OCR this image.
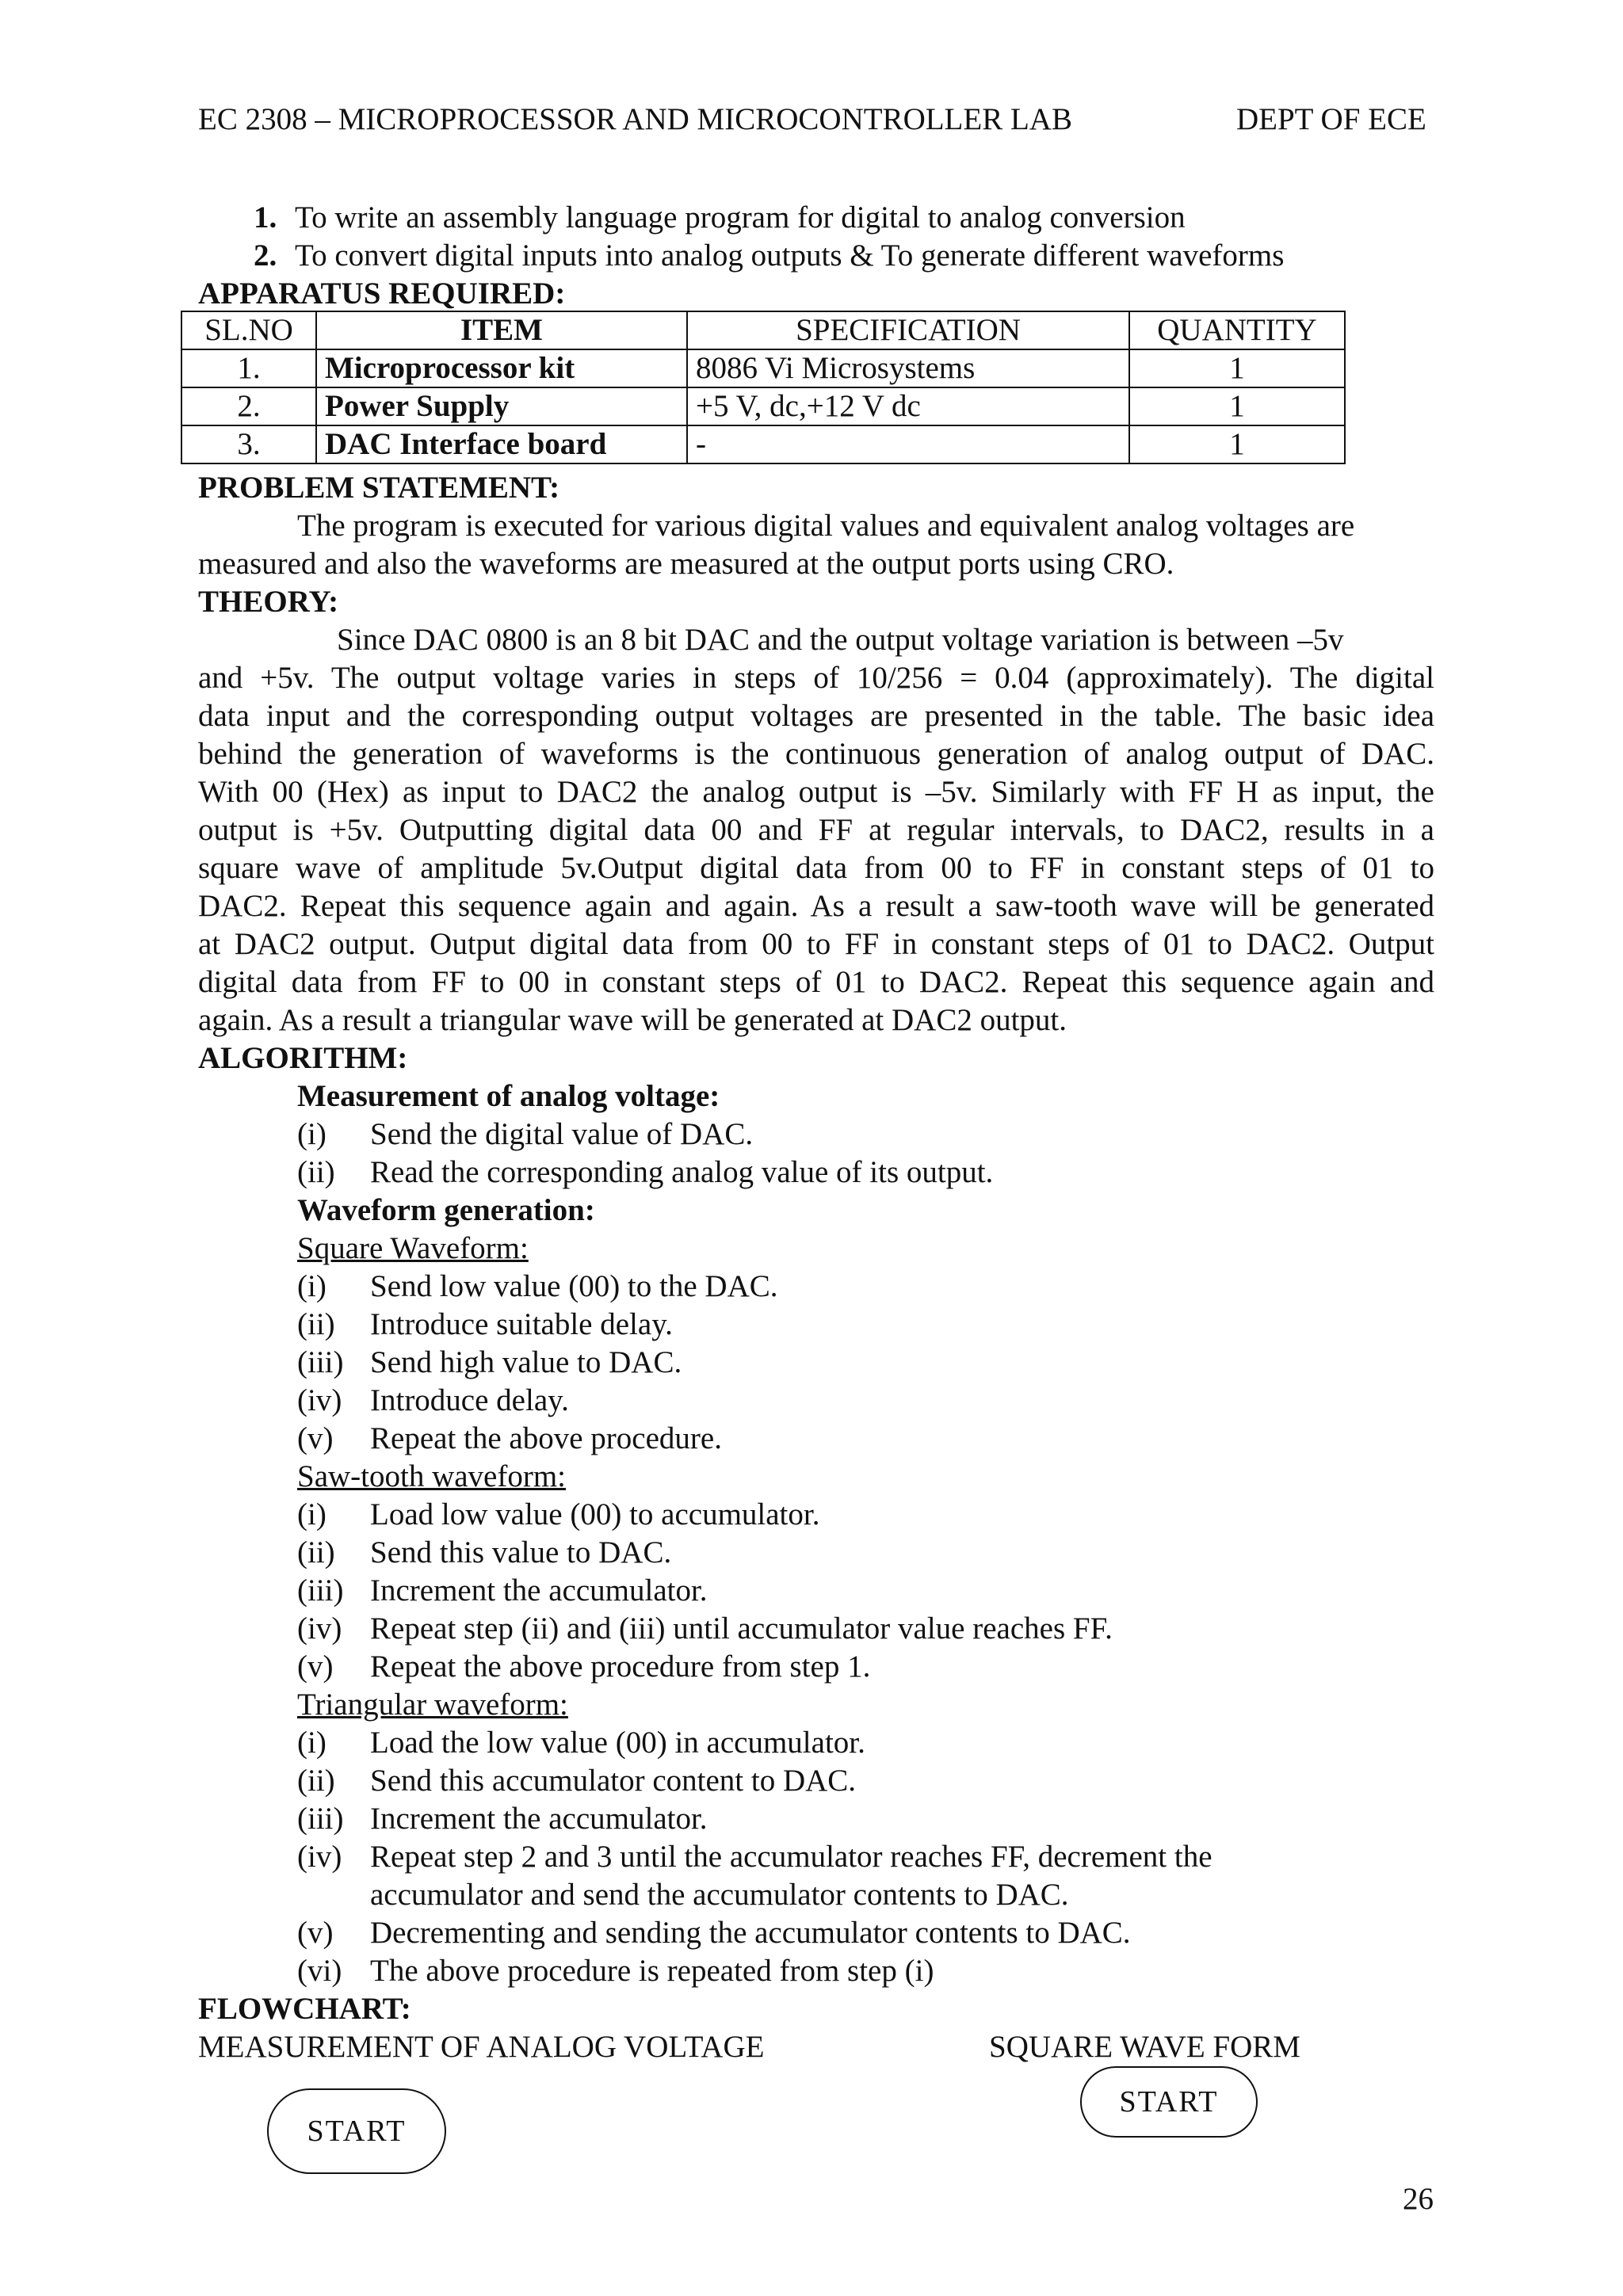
EC 2308 – MICROPROCESSOR AND MICROCONTROLLER LAB	DEPT OF ECE
1. To write an assembly language program for digital to analog conversion
2. To convert digital inputs into analog outputs & To generate different waveforms
APPARATUS REQUIRED:
SL.NO	ITEM	SPECIFICATION	QUANTITY
1.	Microprocessor kit	8086 Vi Microsystems	1
2.	Power Supply	+5 V, dc,+12 V dc	1
3.	DAC Interface board	-	1
PROBLEM STATEMENT:
The program is executed for various digital values and equivalent analog voltages are
measured and also the waveforms are measured at the output ports using CRO.
THEORY:
Since DAC 0800 is an 8 bit DAC and the output voltage variation is between –5v
and +5v. The output voltage varies in steps of 10/256 = 0.04 (approximately). The digital
data input and the corresponding output voltages are presented in the table. The basic idea
behind the generation of waveforms is the continuous generation of analog output of DAC.
With 00 (Hex) as input to DAC2 the analog output is –5v. Similarly with FF H as input, the
output is +5v. Outputting digital data 00 and FF at regular intervals, to DAC2, results in a
square wave of amplitude 5v.Output digital data from 00 to FF in constant steps of 01 to
DAC2. Repeat this sequence again and again. As a result a saw-tooth wave will be generated
at DAC2 output. Output digital data from 00 to FF in constant steps of 01 to DAC2. Output
digital data from FF to 00 in constant steps of 01 to DAC2. Repeat this sequence again and
again. As a result a triangular wave will be generated at DAC2 output.
ALGORITHM:
Measurement of analog voltage:
(i) Send the digital value of DAC.
(ii) Read the corresponding analog value of its output.
Waveform generation:
Square Waveform:
(i) Send low value (00) to the DAC.
(ii) Introduce suitable delay.
(iii) Send high value to DAC.
(iv) Introduce delay.
(v) Repeat the above procedure.
Saw-tooth waveform:
(i) Load low value (00) to accumulator.
(ii) Send this value to DAC.
(iii) Increment the accumulator.
(iv) Repeat step (ii) and (iii) until accumulator value reaches FF.
(v) Repeat the above procedure from step 1.
Triangular waveform:
(i) Load the low value (00) in accumulator.
(ii) Send this accumulator content to DAC.
(iii) Increment the accumulator.
(iv) Repeat step 2 and 3 until the accumulator reaches FF, decrement the
accumulator and send the accumulator contents to DAC.
(v) Decrementing and sending the accumulator contents to DAC.
(vi) The above procedure is repeated from step (i)
FLOWCHART:
MEASUREMENT OF ANALOG VOLTAGE	SQUARE WAVE FORM
START
START
26
